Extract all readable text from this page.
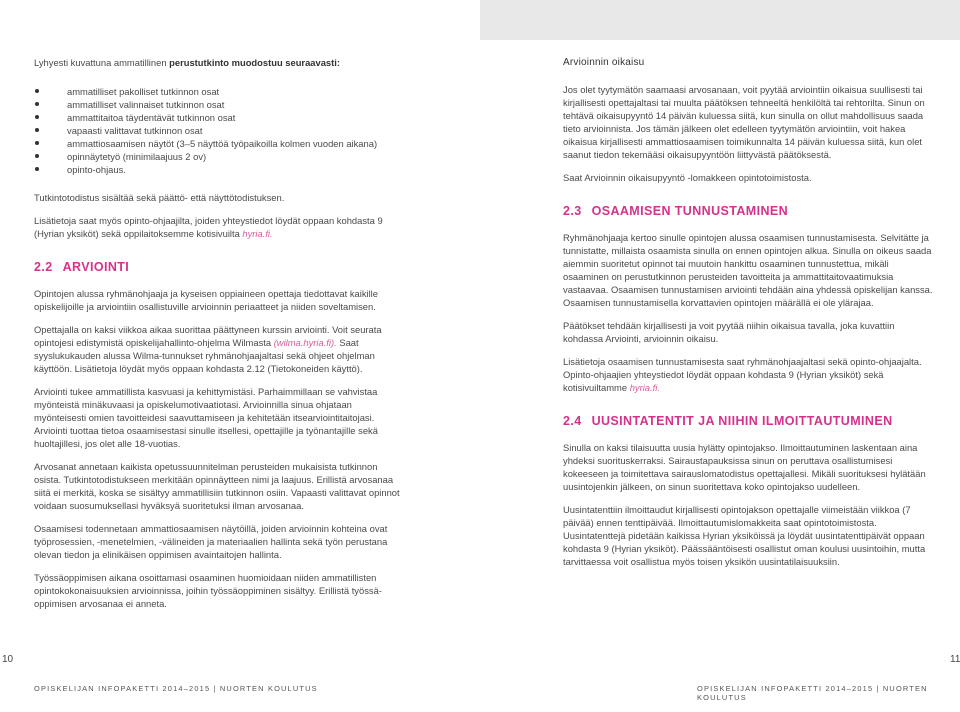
Lyhyesti kuvattuna ammatillinen perustutkinto muodostuu seuraavasti:

ammatilliset pakolliset tutkinnon osat
ammatilliset valinnaiset tutkinnon osat
ammattitaitoa täydentävät tutkinnon osat
vapaasti valittavat tutkinnon osat
ammattiosaamisen näytöt (3–5 näyttöä työpaikoilla kolmen vuoden aikana)
opinnäytetyö (minimilaajuus 2 ov)
opinto-ohjaus.

Tutkintotodistus sisältää sekä päättö- että näyttötodistuksen.

Lisätietoja saat myös opinto-ohjaajilta, joiden yhteystiedot löydät oppaan kohdasta 9 (Hyrian yksiköt) sekä oppilaitoksemme kotisivuilta hyria.fi.

2.2 ARVIOINTI

Opintojen alussa ryhmänohjaaja ja kyseisen oppiaineen opettaja tiedottavat kaikille opiskelijoille ja arviointiin osallistuville arvioinnin periaatteet ja niiden soveltamisen.

Opettajalla on kaksi viikkoa aikaa suorittaa päättyneen kurssin arviointi. Voit seurata opintojesi edistymistä opiskelijahallinto-ohjelma Wilmasta (wilma.hyria.fi). Saat syyslukukauden alussa Wilma-tunnukset ryhmänohjaajaltasi sekä ohjeet ohjelman käyttöön. Lisätietoja löydät myös oppaan kohdasta 2.12 (Tietokoneiden käyttö).

Arviointi tukee ammatillista kasvuasi ja kehittymistäsi. Parhaimmillaan se vahvistaa myönteistä minäkuvaasi ja opiskelumotivaatiotasi. Arvioinnilla sinua ohjataan myönteisesti omien tavoitteidesi saavuttamiseen ja kehitetään itsearviointitaitojasi. Arviointi tuottaa tietoa osaamisestasi sinulle itsellesi, opettajille ja työnantajille sekä huoltajillesi, jos olet alle 18-vuotias.

Arvosanat annetaan kaikista opetussuunnitelman perusteiden mukaisista tutkinnon osista. Tutkintotodistukseen merkitään opinnäytteen nimi ja laajuus. Erillistä arvosanaa siitä ei merkitä, koska se sisältyy ammatillisiin tutkinnon osiin. Vapaasti valittavat opinnot voidaan suosumuksellasi hyväksyä suoritetuksi ilman arvosanaa.

Osaamisesi todennetaan ammattiosaamisen näytöillä, joiden arvioinnin kohteina ovat työprosessien, -menetelmien, -välineiden ja materiaalien hallinta sekä työn perustana olevan tiedon ja elinikäisen oppimisen avaintaitojen hallinta.

Työssäoppimisen aikana osoittamasi osaaminen huomioidaan niiden ammatillisten opintokokonaisuuksien arvioinnissa, joihin työssäoppiminen sisältyy. Erillistä työssä-oppimisen arvosanaa ei anneta.

10
OPISKELIJAN INFOPAKETTI 2014–2015 | NUORTEN KOULUTUS
Arvioinnin oikaisu

Jos olet tyytymätön saamaasi arvosanaan, voit pyytää arviointiin oikaisua suullisesti tai kirjallisesti opettajaltasi tai muulta päätöksen tehneeltä henkilöltä tai rehtorilta. Sinun on tehtävä oikaisupyyntö 14 päivän kuluessa siitä, kun sinulla on ollut mahdollisuus saada tieto arvioinnista. Jos tämän jälkeen olet edelleen tyytymätön arviointiin, voit hakea oikaisua kirjallisesti ammattiosaamisen toimikunnalta 14 päivän kuluessa siitä, kun olet saanut tiedon tekemääsi oikaisupyyntöön liittyvästä päätöksestä.

Saat Arvioinnin oikaisupyyntö -lomakkeen opintotoimistosta.

2.3 OSAAMISEN TUNNUSTAMINEN

Ryhmänohjaaja kertoo sinulle opintojen alussa osaamisen tunnustamisesta. Selvitätte ja tunnistatte, millaista osaamista sinulla on ennen opintojen alkua. Sinulla on oikeus saada aiemmin suoritetut opinnot tai muutoin hankittu osaaminen tunnustettua, mikäli osaaminen on perustutkinnon perusteiden tavoitteita ja ammattitaitovaatimuksia vastaavaa. Osaamisen tunnustamisen arviointi tehdään aina yhdessä opiskelijan kanssa. Osaamisen tunnustamisella korvattavien opintojen määrällä ei ole ylärajaa.

Päätökset tehdään kirjallisesti ja voit pyytää niihin oikaisua tavalla, joka kuvattiin kohdassa Arviointi, arvioinnin oikaisu.

Lisätietoja osaamisen tunnustamisesta saat ryhmänohjaajaltasi sekä opinto-ohjaajalta. Opinto-ohjaajien yhteystiedot löydät oppaan kohdasta 9 (Hyrian yksiköt) sekä kotisivuiltamme hyria.fi.

2.4 UUSINTATENTIT JA NIIHIN ILMOITTAUTUMINEN

Sinulla on kaksi tilaisuutta uusia hylätty opintojakso. Ilmoittautuminen laskentaan aina yhdeksi suorituskerraksi. Sairaustapauksissa sinun on peruttava osallistumisesi kokeeseen ja toimitettava sairauslomatodistus opettajallesi. Mikäli suorituksesi hylätään uusintojenkin jälkeen, on sinun suoritettava koko opintojakso uudelleen.

Uusintatenttiin ilmoittaudut kirjallisesti opintojakson opettajalle viimeistään viikkoa (7 päivää) ennen tenttipäivää. Ilmoittautumislomakkeita saat opintotoimistosta. Uusintatenttejä pidetään kaikissa Hyrian yksiköissä ja löydät uusintatenttipäivät oppaan kohdasta 9 (Hyrian yksiköt). Päässääntöisesti osallistut oman koulusi uusintoihin, mutta tarvittaessa voit osallistua myös toisen yksikön uusintatilaisuuksiin.

11
OPISKELIJAN INFOPAKETTI 2014–2015 | NUORTEN KOULUTUS
